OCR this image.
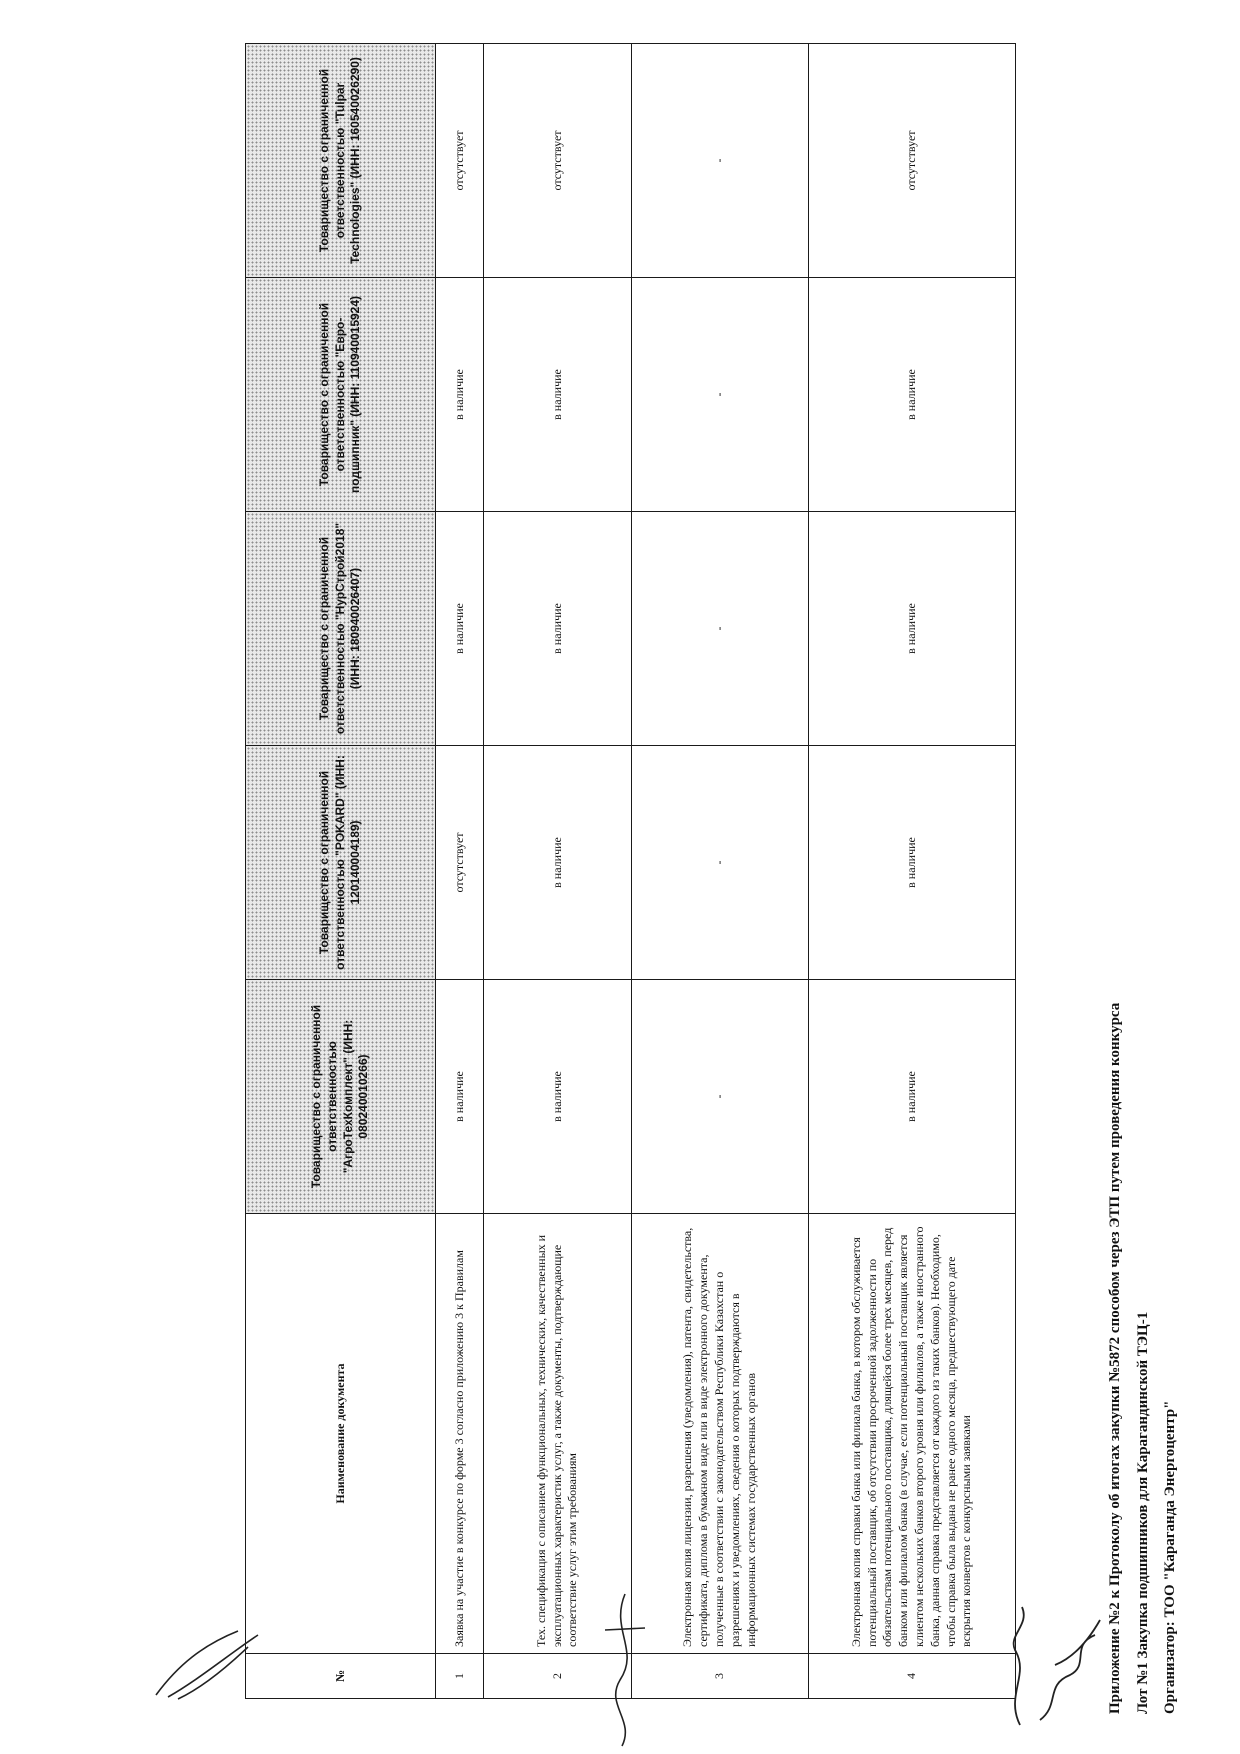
Приложение №2 к Протоколу об итогах закупки №5872 способом через ЭТП путем проведения конкурса Лот №1 Закупка подшипников для Карагандинской ТЭЦ-1 Организатор: ТОО "Караганда Энергоцентр"
№	Наименование документа	Товарищество с ограниченной ответственностью "АгроТехКомплект" (ИНН: 080240010266)	Товарищество с ограниченной ответственностью "POKARD" (ИНН: 120140004189)	Товарищество с ограниченной ответственностью "НурСтрой2018" (ИНН: 180940026407)	Товарищество с ограниченной ответственностью "Евро-подшипник" (ИНН: 110940015924)	Товарищество с ограниченной ответственностью "Tulpar Technologies" (ИНН: 160540026290)
1	Заявка на участие в конкурсе по форме 3 согласно приложению 3 к Правилам	в наличие	отсутствует	в наличие	в наличие	отсутствует
2	Тех. спецификация с описанием функциональных, технических, качественных и эксплуатационных характеристик услуг, а также документы, подтверждающие соответствие услуг этим требованиям	в наличие	в наличие	в наличие	в наличие	отсутствует
3	Электронная копия лицензии, разрешения (уведомления), патента, свидетельства, сертификата, диплома в бумажном виде или в виде электронного документа, полученные в соответствии с законодательством Республики Казахстан о разрешениях и уведомлениях, сведения о которых подтверждаются в информационных системах государственных органов	-	-	-	-	-
4	Электронная копия справки банка или филиала банка, в котором обслуживается потенциальный поставщик, об отсутствии просроченной задолженности по обязательствам потенциального поставщика, длящейся более трех месяцев, перед банком или филиалом банка (в случае, если потенциальный поставщик является клиентом нескольких банков второго уровня или филиалов, а также иностранного банка, данная справка представляется от каждого из таких банков). Необходимо, чтобы справка была выдана не ранее одного месяца, предшествующего дате вскрытия конвертов с конкурсными заявками	в наличие	в наличие	в наличие	в наличие	отсутствует
